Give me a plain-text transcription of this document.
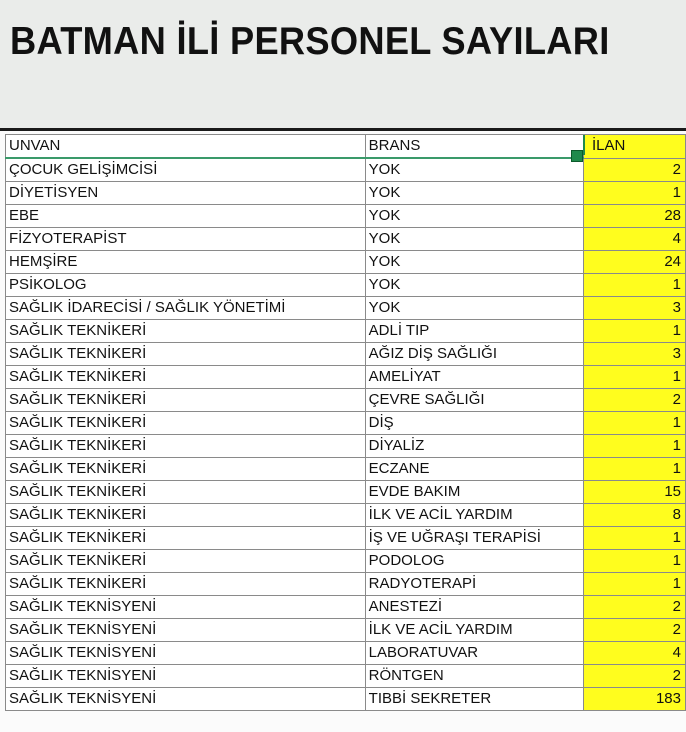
BATMAN İLİ PERSONEL SAYILARI
UNVAN	BRANS	İLAN
ÇOCUK GELİŞİMCİSİ	YOK	2
DİYETİSYEN	YOK	1
EBE	YOK	28
FİZYOTERAPİST	YOK	4
HEMŞİRE	YOK	24
PSİKOLOG	YOK	1
SAĞLIK İDARECİSİ / SAĞLIK YÖNETİMİ	YOK	3
SAĞLIK TEKNİKERİ	ADLİ TIP	1
SAĞLIK TEKNİKERİ	AĞIZ DİŞ SAĞLIĞI	3
SAĞLIK TEKNİKERİ	AMELİYAT	1
SAĞLIK TEKNİKERİ	ÇEVRE SAĞLIĞI	2
SAĞLIK TEKNİKERİ	DİŞ	1
SAĞLIK TEKNİKERİ	DİYALİZ	1
SAĞLIK TEKNİKERİ	ECZANE	1
SAĞLIK TEKNİKERİ	EVDE BAKIM	15
SAĞLIK TEKNİKERİ	İLK VE ACİL YARDIM	8
SAĞLIK TEKNİKERİ	İŞ VE UĞRAŞI TERAPİSİ	1
SAĞLIK TEKNİKERİ	PODOLOG	1
SAĞLIK TEKNİKERİ	RADYOTERAPİ	1
SAĞLIK TEKNİSYENİ	ANESTEZİ	2
SAĞLIK TEKNİSYENİ	İLK VE ACİL YARDIM	2
SAĞLIK TEKNİSYENİ	LABORATUVAR	4
SAĞLIK TEKNİSYENİ	RÖNTGEN	2
SAĞLIK TEKNİSYENİ	TIBBİ SEKRETER	183
